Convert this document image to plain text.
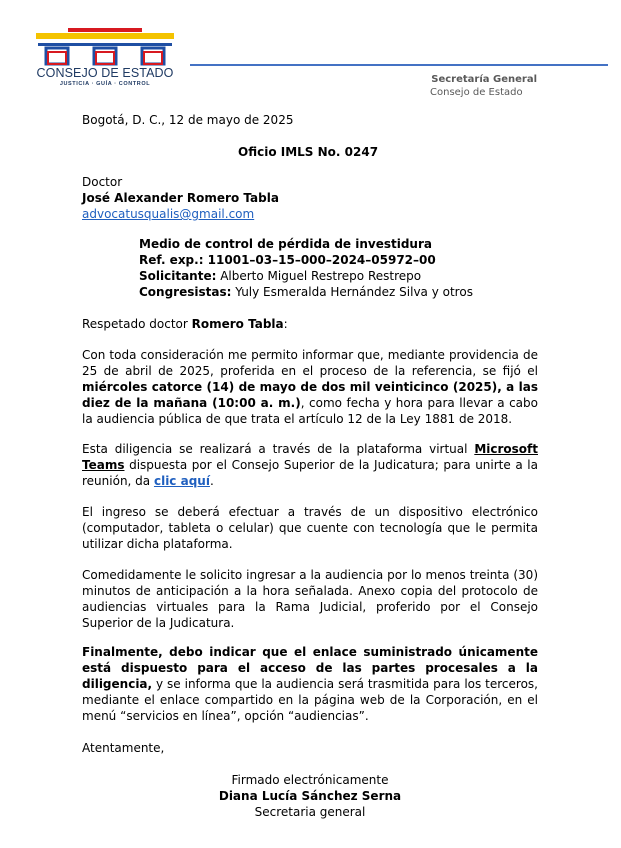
CONSEJO DE ESTADO
JUSTICIA · GUÍA · CONTROL	Secretaría General
Consejo de Estado
Bogotá, D. C., 12 de mayo de 2025
Oficio IMLS No. 0247
Doctor
José Alexander Romero Tabla
advocatusqualis@gmail.com
Medio de control de pérdida de investidura
Ref. exp.: 11001–03–15–000–2024–05972–00
Solicitante: Alberto Miguel Restrepo Restrepo
Congresistas: Yuly Esmeralda Hernández Silva y otros
Respetado doctor Romero Tabla:
Con toda consideración me permito informar que, mediante providencia de 25 de abril de 2025, proferida en el proceso de la referencia, se fijó el miércoles catorce (14) de mayo de dos mil veinticinco (2025), a las diez de la mañana (10:00 a. m.), como fecha y hora para llevar a cabo la audiencia pública de que trata el artículo 12 de la Ley 1881 de 2018.
Esta diligencia se realizará a través de la plataforma virtual Microsoft Teams dispuesta por el Consejo Superior de la Judicatura; para unirte a la reunión, da clic aquí.
El ingreso se deberá efectuar a través de un dispositivo electrónico (computador, tableta o celular) que cuente con tecnología que le permita utilizar dicha plataforma.
Comedidamente le solicito ingresar a la audiencia por lo menos treinta (30) minutos de anticipación a la hora señalada. Anexo copia del protocolo de audiencias virtuales para la Rama Judicial, proferido por el Consejo Superior de la Judicatura.
Finalmente, debo indicar que el enlace suministrado únicamente está dispuesto para el acceso de las partes procesales a la diligencia, y se informa que la audiencia será trasmitida para los terceros, mediante el enlace compartido en la página web de la Corporación, en el menú “servicios en línea”, opción “audiencias”.
Atentamente,
Firmado electrónicamente
Diana Lucía Sánchez Serna
Secretaria general
